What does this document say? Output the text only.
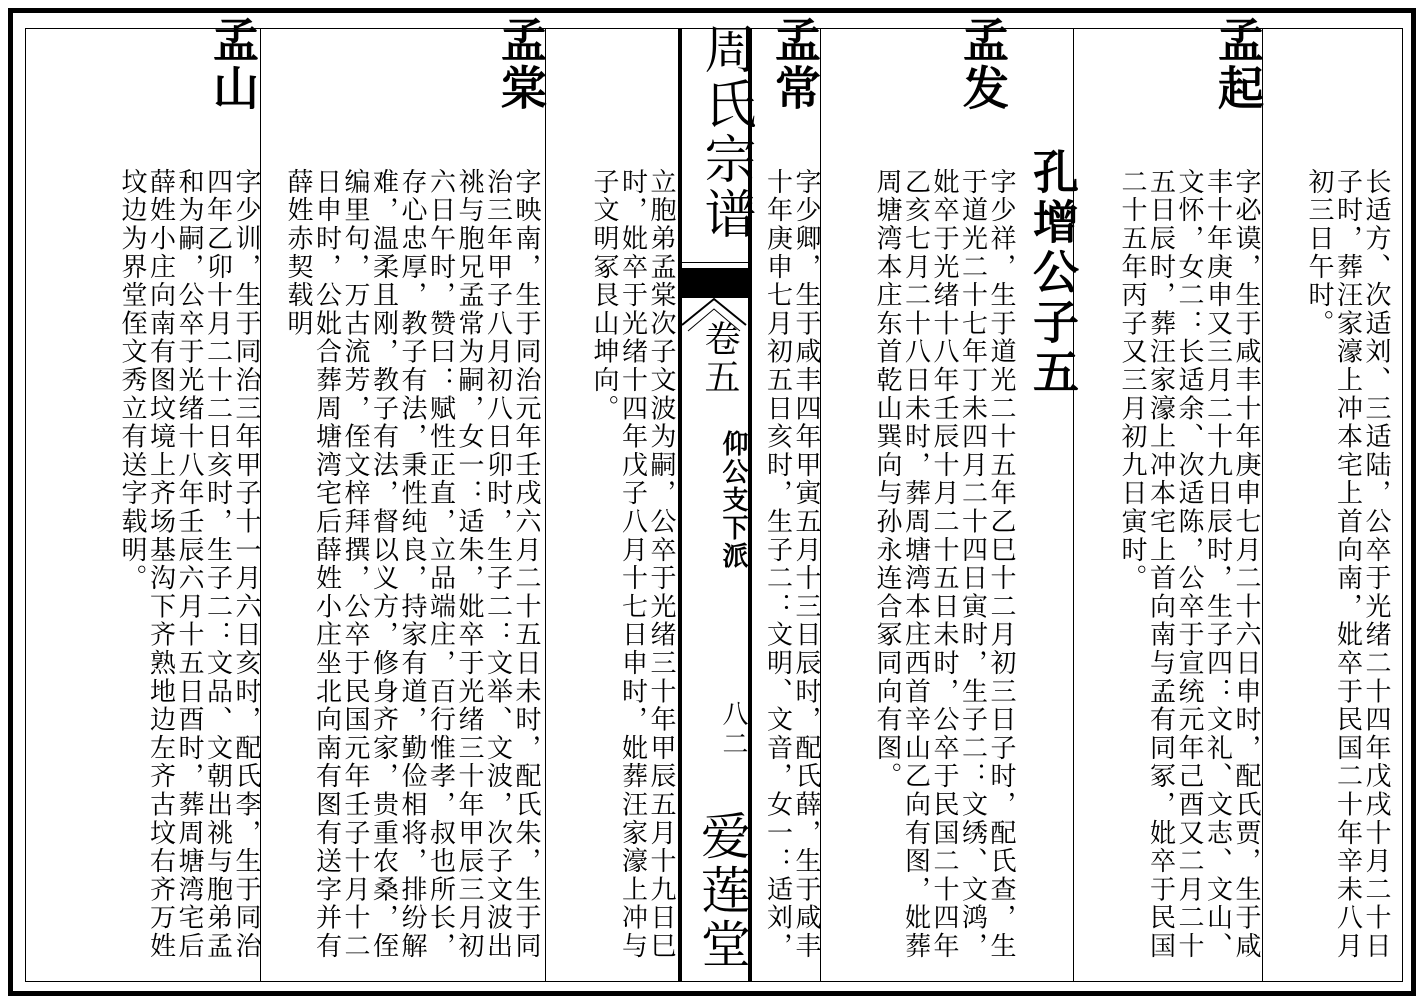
长适方、次适刘、三适陆，公卒于光绪二十四年戊戌十月二十日子时，葬汪家濠上冲本宅上首向南，妣卒于民国二十年辛未八月初三日午时。
孟起
字必谟，生于咸丰十年庚申七月二十六日申时，配氏贾，生于咸丰十年庚申又三月二十九日辰时，生子四：文礼、文志、文山、文怀，女二：长适余、次适陈，公卒于宣统元年己酉又二月二十五日辰时，葬汪家濠上冲本宅上首向南与孟有同冢，妣卒于民国二十五年丙子又三月初九日寅时。
孔增公子五
孟发
字少祥，生于道光二十五年乙巳十二月初三日子时，配氏查，生于道光二十七年丁未四月二十四日寅时，生子二：文绣、文鸿，妣卒于光绪十八年壬辰十月二十五日未时，公卒于民国二十四年乙亥七月二十八日未时，葬周塘湾本庄西首辛山乙向有图，妣葬周塘湾本庄东首乾山巽向与孙永连合冢同向有图。
孟常
字少卿，生于咸丰四年甲寅五月十三日辰时，配氏薛，生于咸丰十年庚申七月初五日亥时，生子二：文明、文音，女一：适刘，
周氏宗谱
卷五
仰公支下派
八二
爱莲堂
立胞弟孟棠次子文波为嗣，公卒于光绪三十年甲辰五月十九日巳时，妣卒于光绪十四年戊子八月十七日申时，妣葬汪家濠上冲与子文明冢艮山坤向。
孟棠
字映南，生于同治元年壬戌六月二十五日未时，配氏朱，生于同治三年甲子八月初八日卯时，生子二：文举、文波，次子文波出祧与胞兄孟常为嗣，女一：适朱，妣卒于光绪三十年甲辰三月初六日午时，赞曰：赋性正直，立品端庄，百行惟孝，叔也所长，存心忠厚，教子有法，秉性纯良，持家有道，勤俭相将，排纷解难，温柔且刚，教子有法，督以义方，修身齐家，贵重农桑，侄编里句，万古流芳，侄文梓拜撰，公卒于民国元年壬子十月十二日申时，公妣合葬周塘湾宅后薛姓小庄坐北向南有图有送字并有薛姓赤契载明
孟山
字少训，生于同治三年甲子十一月六日亥时，配氏李，生于同治四年乙卯十月二十二日亥时，生子二：文品、文朝出祧与胞弟孟和为嗣，公卒于光绪十八年壬辰六月十五日酉时，葬周塘湾宅后薛姓小庄向南有图坟境上齐场基沟下齐熟地边左齐古坟右齐万姓坟边为界堂侄文秀立有送字载明。
